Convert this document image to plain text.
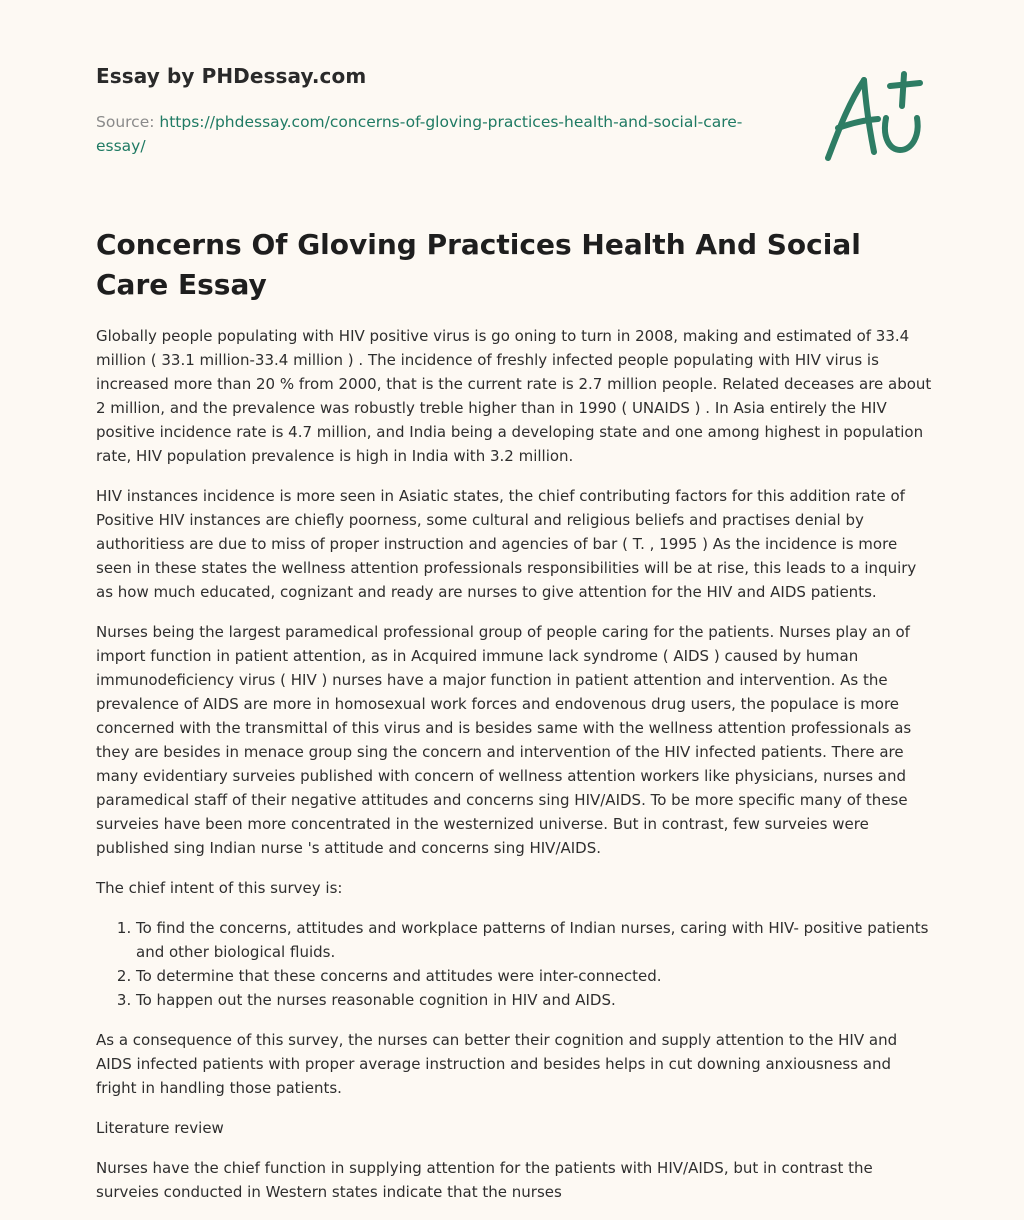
Essay by PHDessay.com
Source: https://phdessay.com/concerns-of-gloving-practices-health-and-social-care-essay/
Concerns Of Gloving Practices Health And Social Care Essay

Globally people populating with HIV positive virus is go oning to turn in 2008, making and estimated of 33.4 million ( 33.1 million-33.4 million ) . The incidence of freshly infected people populating with HIV virus is increased more than 20 % from 2000, that is the current rate is 2.7 million people. Related deceases are about 2 million, and the prevalence was robustly treble higher than in 1990 ( UNAIDS ) . In Asia entirely the HIV positive incidence rate is 4.7 million, and India being a developing state and one among highest in population rate, HIV population prevalence is high in India with 3.2 million.

HIV instances incidence is more seen in Asiatic states, the chief contributing factors for this addition rate of Positive HIV instances are chiefly poorness, some cultural and religious beliefs and practises denial by authoritiess are due to miss of proper instruction and agencies of bar ( T. , 1995 ) As the incidence is more seen in these states the wellness attention professionals responsibilities will be at rise, this leads to a inquiry as how much educated, cognizant and ready are nurses to give attention for the HIV and AIDS patients.

Nurses being the largest paramedical professional group of people caring for the patients. Nurses play an of import function in patient attention, as in Acquired immune lack syndrome ( AIDS ) caused by human immunodeficiency virus ( HIV ) nurses have a major function in patient attention and intervention. As the prevalence of AIDS are more in homosexual work forces and endovenous drug users, the populace is more concerned with the transmittal of this virus and is besides same with the wellness attention professionals as they are besides in menace group sing the concern and intervention of the HIV infected patients. There are many evidentiary surveies published with concern of wellness attention workers like physicians, nurses and paramedical staff of their negative attitudes and concerns sing HIV/AIDS. To be more specific many of these surveies have been more concentrated in the westernized universe. But in contrast, few surveies were published sing Indian nurse 's attitude and concerns sing HIV/AIDS.

The chief intent of this survey is:

1. To find the concerns, attitudes and workplace patterns of Indian nurses, caring with HIV- positive patients and other biological fluids.
2. To determine that these concerns and attitudes were inter-connected.
3. To happen out the nurses reasonable cognition in HIV and AIDS.

As a consequence of this survey, the nurses can better their cognition and supply attention to the HIV and AIDS infected patients with proper average instruction and besides helps in cut downing anxiousness and fright in handling those patients.

Literature review

Nurses have the chief function in supplying attention for the patients with HIV/AIDS, but in contrast the surveies conducted in Western states indicate that the nurses
